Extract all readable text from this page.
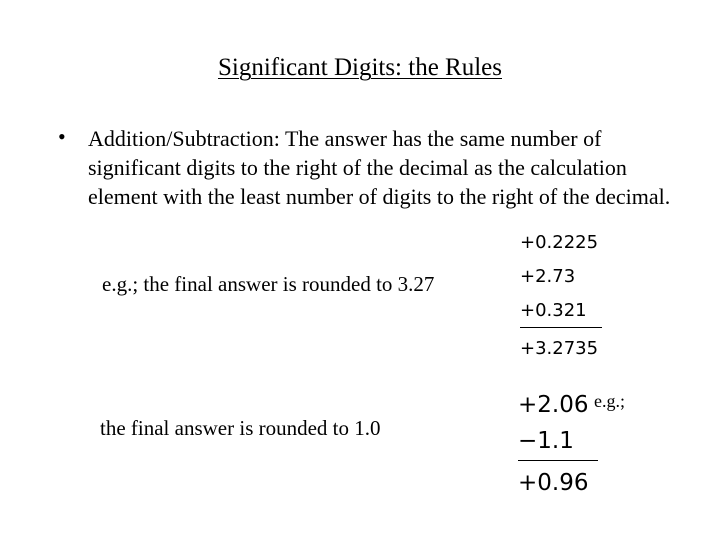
Significant Digits: the Rules
• Addition/Subtraction: The answer has the same number of significant digits to the right of the decimal as the calculation element with the least number of digits to the right of the decimal.
e.g.; the final answer is rounded to 3.27
+0.2225
+2.73
+0.321
+3.2735
the final answer is rounded to 1.0
+2.06
−1.1
+0.96
e.g.;
